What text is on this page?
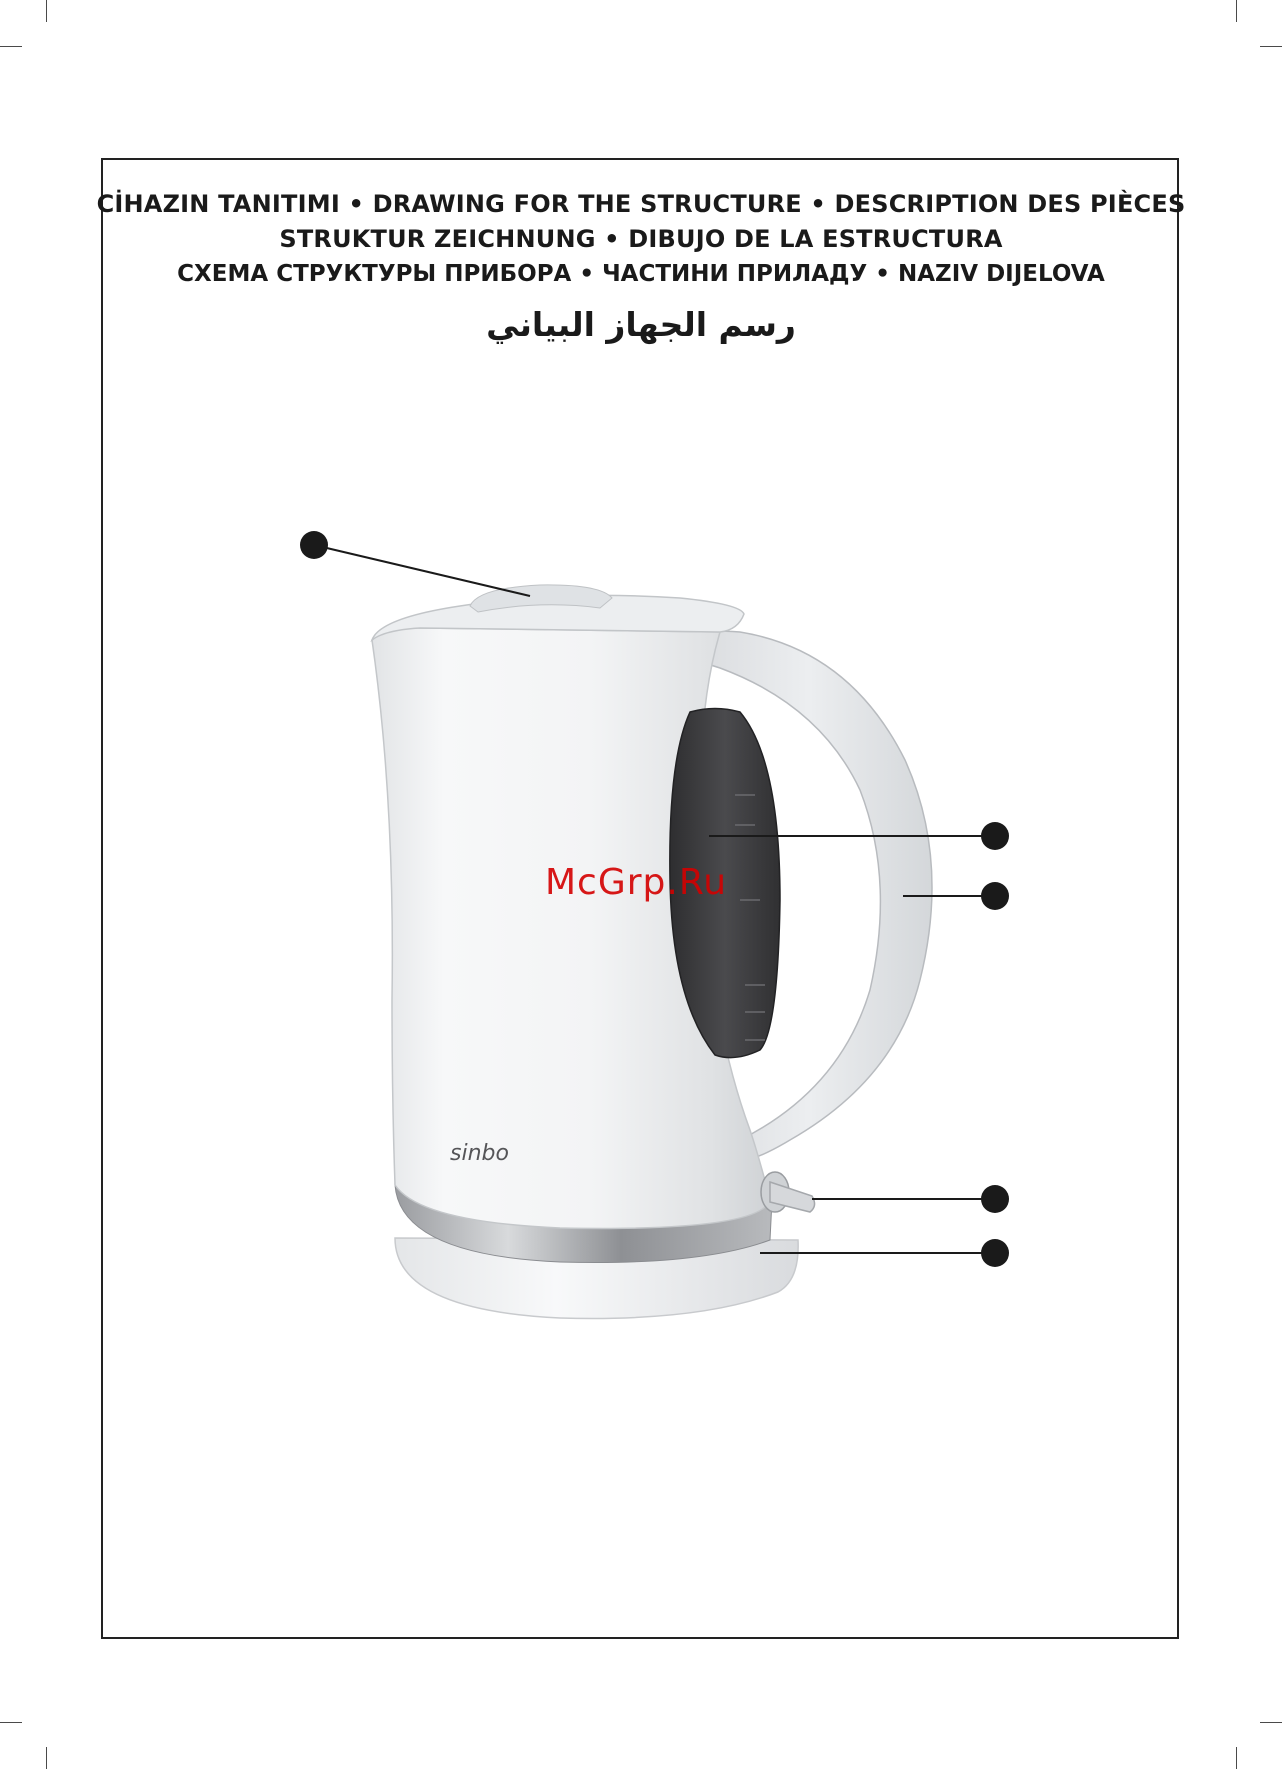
CİHAZIN TANITIMI • DRAWING FOR THE STRUCTURE • DESCRIPTION DES PIÈCES
STRUKTUR ZEICHNUNG • DIBUJO DE LA ESTRUCTURA
СХЕМА СТРУКТУРЫ ПРИБОРА • ЧАСТИНИ ПРИЛАДУ • NAZIV DIJELOVA
رسم الجهاز البياني
sinbo
McGrp.Ru
